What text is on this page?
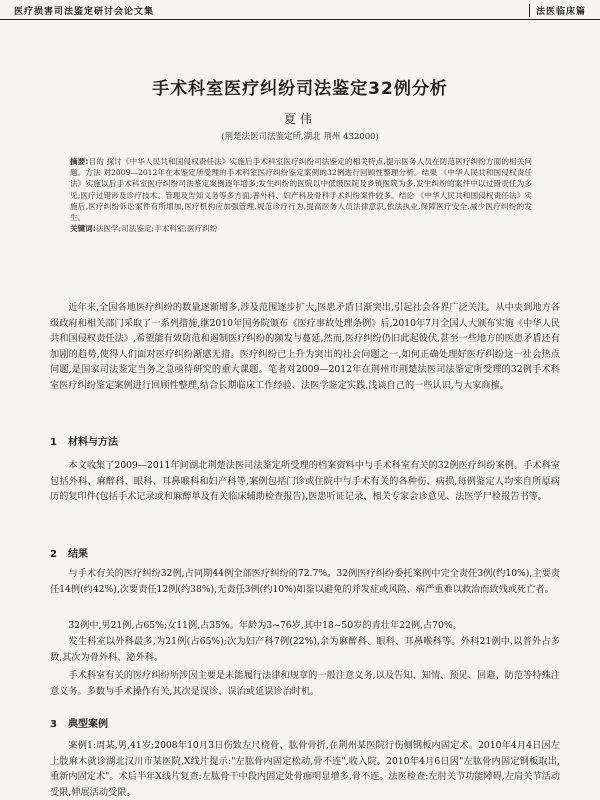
医疗损害司法鉴定研讨会论文集	法医临床篇
手术科室医疗纠纷司法鉴定32例分析
夏伟
(荆楚法医司法鉴定所,湖北 荆州 432000)
摘要:目的 探讨《中华人民共和国侵权责任法》实施后手术科室医疗纠纷司法鉴定的相关特点,提示医务人员在防范医疗纠纷方面的相关问题。方法 对2009—2012年在本鉴定所受理的手术科室医疗纠纷鉴定案例的32例进行回顾性整理分析。结果 《中华人民共和国侵权责任法》实施以后手术科室医疗纠纷司法鉴定案例逐年增多;发生纠纷的医院以中低级医院及乡镇医院为多,发生纠纷的案件中以过错责任为多见;医疗过错涉及诊疗技术、管理及告知义务等多方面;普外科、妇产科及骨科手术纠纷案件较多。结论 《中华人民共和国侵权责任法》实施后,医疗纠纷诉讼案件有所增加,医疗机构应加强管理,规范诊疗行为,提高医务人员法律意识,依法执业,保障医疗安全,减少医疗纠纷的发生。
关键词:法医学;司法鉴定;手术科室;医疗纠纷

近年来,全国各地医疗纠纷的数量逐渐增多,涉及范围逐步扩大,医患矛盾日渐突出,引起社会各界广泛关注。从中央到地方各级政府和相关部门采取了一系列措施,继2010年国务院颁布《医疗事故处理条例》后,2010年7月全国人大颁布实施《中华人民共和国侵权责任法》,希望能有效防范和遏制医疗纠纷的频发与蔓延,然而,医疗纠纷仍旧此起彼伏,甚至一些地方的医患矛盾还有加剧的趋势,使得人们面对医疗纠纷渐感无措。医疗纠纷已上升为突出的社会问题之一,如何正确处理好医疗纠纷这一社会热点问题,是国家司法鉴定当务之急亟待研究的重大课题。笔者对2009—2012年在荆州市荆楚法医司法鉴定所受理的32例手术科室医疗纠纷鉴定案例进行回顾性整理,结合长期临床工作经验、法医学鉴定实践,浅谈自己的一些认识,与大家商榷。

1 材料与方法

本文收集了2009—2011年间湖北荆楚法医司法鉴定所受理的档案资料中与手术科室有关的32例医疗纠纷案例。手术科室包括外科、麻醉科、眼科、耳鼻喉科和妇产科等,案例包括门诊或住院中与手术有关的各种伤、病损,每例鉴定人均来自所原病历的复印件(包括手术记录或和麻醉单及有关临床辅助检查报告),医患听证记录、相关专家会诊意见、法医学尸检报告书等。

2 结果

与手术有关的医疗纠纷32例,占同期44例全部医疗纠纷的72.7%。32例医疗纠纷委托案例中完全责任3例(约10%),主要责任14例(约42%),次要责任12例(约38%),无责任3例(约10%)如鉴以避免的并发症或风险、病严重难以救治而致残或死亡者。

32例中,男21例,占65%;女11例,占35%。年龄为3~76岁,其中18~50岁的青壮年22例,占70%。

发生科室以外科最多,为21例(占65%);次为妇产科7例(22%),余为麻醉科、眼科、耳鼻喉科等。外科21例中,以普外占多数,其次为骨外科、泌外科。

手术科室有关的医疗纠纷所涉因主要是未能履行法律和规章的一般注意义务,以及告知、知情、预见、回避、防范等特殊注意义务。多数与手术操作有关,其次是误诊、误治或延误诊治时机。

3 典型案例

案例1:周某,男,41岁;2008年10月3日伤致左尺桡骨、肱骨骨折,在荆州某医院行伤侧钢板内固定术。2010年4月4日因左上肢麻木就诊湖北汉川市某医院,X线片提示:"左肱骨内固定松动,骨不连",收入院。2010年4月6日因"左肱骨内固定钢板取出,重新内固定术"。术后半年X线片复查:左肱骨干中段内固定处骨痂明显增多,骨不连。法医检查:左肘关节功能障碍,左肩关节活动受限,伸展活动受限。
